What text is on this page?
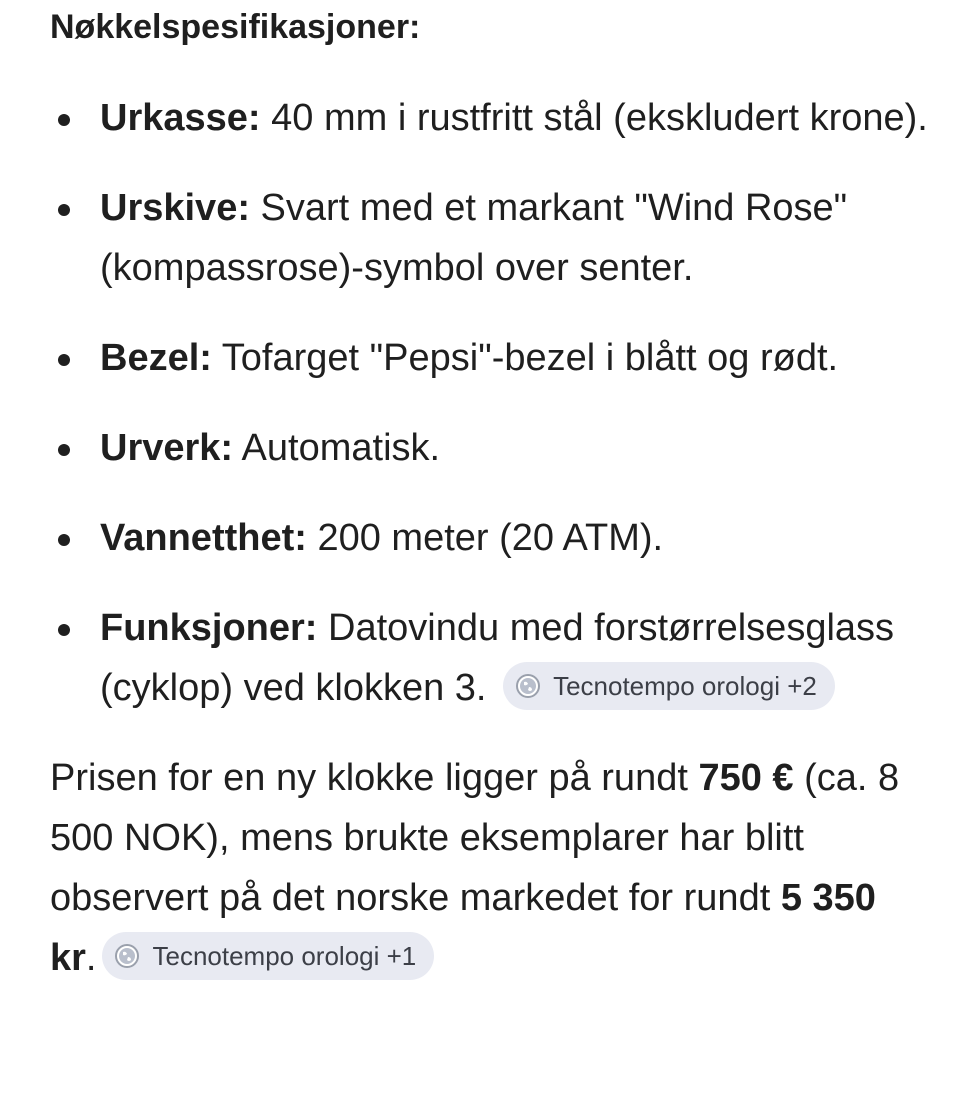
Nøkkelspesifikasjoner:

Urkasse: 40 mm i rustfritt stål (ekskludert krone).
Urskive: Svart med et markant "Wind Rose" (kompassrose)-symbol over senter.
Bezel: Tofarget "Pepsi"-bezel i blått og rødt.
Urverk: Automatisk.
Vannetthet: 200 meter (20 ATM).
Funksjoner: Datovindu med forstørrelsesglass (cyklop) ved klokken 3.	Tecnotempo orologi +2

Prisen for en ny klokke ligger på rundt 750 € (ca. 8 500 NOK), mens brukte eksemplarer har blitt observert på det norske markedet for rundt 5 350 kr. Tecnotempo orologi +1
